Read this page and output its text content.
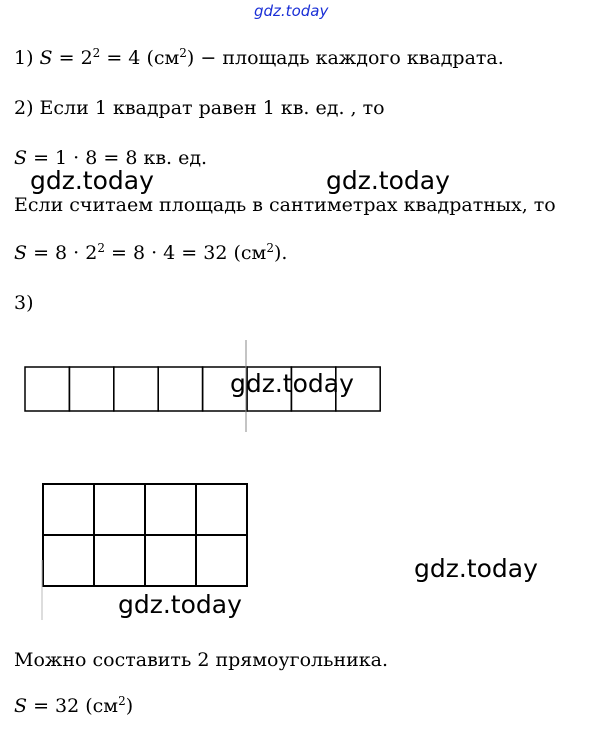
gdz.today
1) $S = 2^2 = 4$ $(см^2)$ − площадь каждого квадрата.
2) Если 1 квадрат равен 1 кв. ед. , то
S = 1 · 8 = 8 кв. ед.
Если считаем площадь в сантиметрах квадратных, то
$S = 8 \cdot 2^2 = 8 \cdot 4 = 32$ $(см^2)$.
3)
Можно составить 2 прямоугольника.
S = 32 $(см^2)$
gdz.today	gdz.today
gdz.today
gdz.today
gdz.today
